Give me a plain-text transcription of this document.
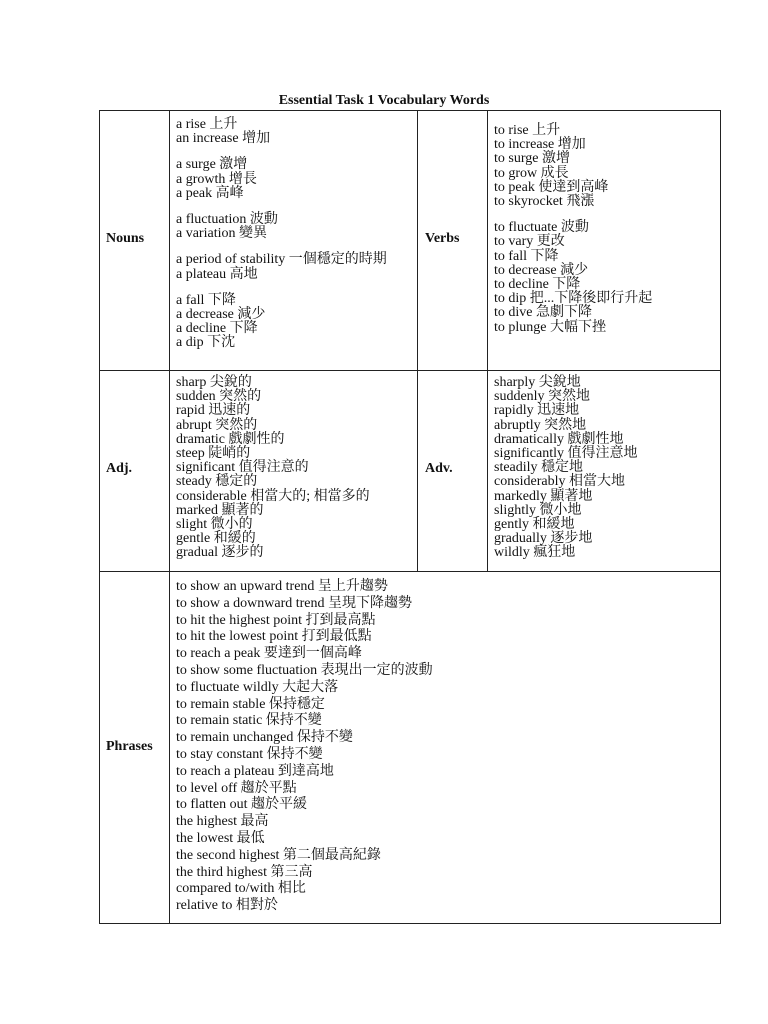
Essential Task 1 Vocabulary Words
Nouns
a rise 上升
an increase 增加
a surge 激增
a growth 增長
a peak 高峰
a fluctuation 波動
a variation 變異
a period of stability 一個穩定的時期
a plateau 高地
a fall 下降
a decrease 減少
a decline 下降
a dip 下沈
Verbs
to rise 上升
to increase 增加
to surge 激增
to grow 成長
to peak 使達到高峰
to skyrocket 飛漲
to fluctuate 波動
to vary 更改
to fall 下降
to decrease 減少
to decline 下降
to dip 把...下降後即行升起
to dive 急劇下降
to plunge 大幅下挫
Adj.
sharp 尖銳的
sudden 突然的
rapid 迅速的
abrupt 突然的
dramatic 戲劇性的
steep 陡峭的
significant 值得注意的
steady 穩定的
considerable 相當大的; 相當多的
marked 顯著的
slight 微小的
gentle 和緩的
gradual 逐步的
Adv.
sharply 尖銳地
suddenly 突然地
rapidly 迅速地
abruptly 突然地
dramatically 戲劇性地
significantly 值得注意地
steadily 穩定地
considerably 相當大地
markedly 顯著地
slightly 微小地
gently 和緩地
gradually 逐步地
wildly 瘋狂地
Phrases
to show an upward trend 呈上升趨勢
to show a downward trend 呈現下降趨勢
to hit the highest point 打到最高點
to hit the lowest point 打到最低點
to reach a peak 要達到一個高峰
to show some fluctuation 表現出一定的波動
to fluctuate wildly 大起大落
to remain stable 保持穩定
to remain static 保持不變
to remain unchanged 保持不變
to stay constant 保持不變
to reach a plateau 到達高地
to level off 趨於平點
to flatten out 趨於平緩
the highest 最高
the lowest 最低
the second highest 第二個最高紀錄
the third highest 第三高
compared to/with 相比
relative to 相對於
